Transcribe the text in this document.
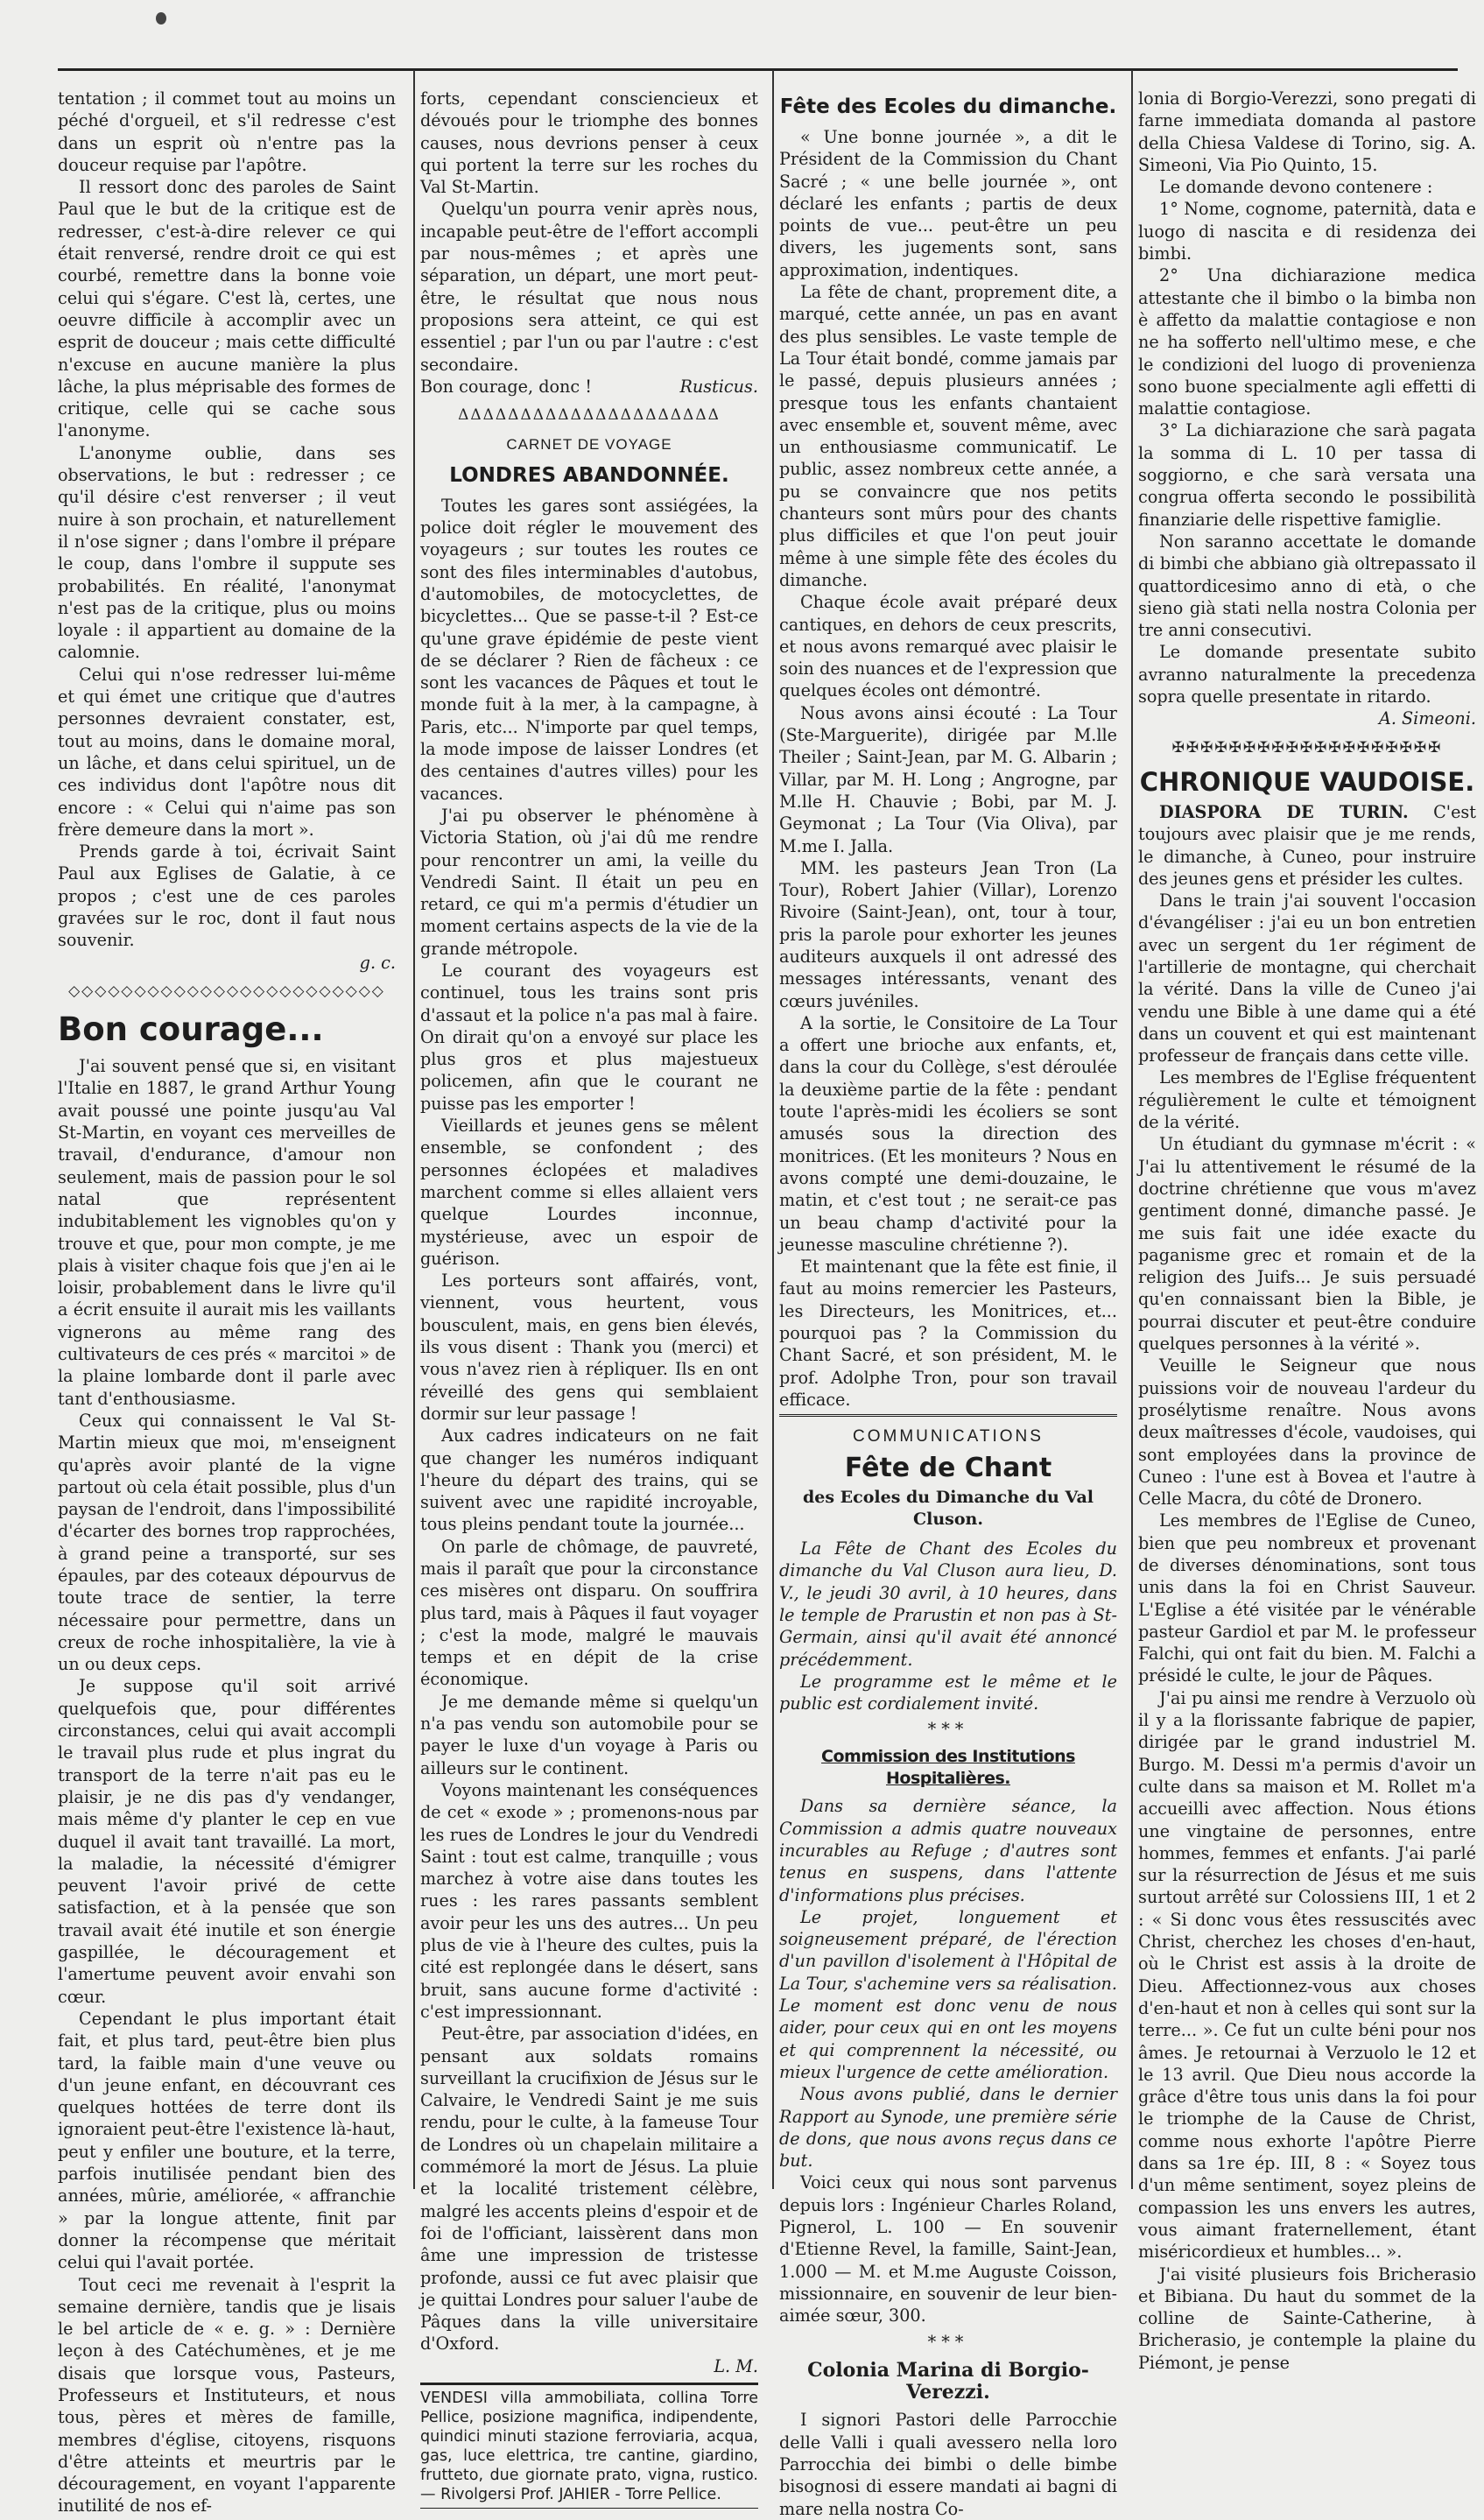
tentation ; il commet tout au moins un péché d'orgueil, et s'il redresse c'est dans un esprit où n'entre pas la douceur requise par l'apôtre.

Il ressort donc des paroles de Saint Paul que le but de la critique est de redresser, c'est-à-dire relever ce qui était renversé, rendre droit ce qui est courbé, remettre dans la bonne voie celui qui s'égare. C'est là, certes, une oeuvre difficile à accomplir avec un esprit de douceur ; mais cette difficulté n'excuse en aucune manière la plus lâche, la plus méprisable des formes de critique, celle qui se cache sous l'anonyme.

L'anonyme oublie, dans ses observations, le but : redresser ; ce qu'il désire c'est renverser ; il veut nuire à son prochain, et naturellement il n'ose signer ; dans l'ombre il prépare le coup, dans l'ombre il suppute ses probabilités. En réalité, l'anonymat n'est pas de la critique, plus ou moins loyale : il appartient au domaine de la calomnie.

Celui qui n'ose redresser lui-même et qui émet une critique que d'autres personnes devraient constater, est, tout au moins, dans le domaine moral, un lâche, et dans celui spirituel, un de ces individus dont l'apôtre nous dit encore : « Celui qui n'aime pas son frère demeure dans la mort ».

Prends garde à toi, écrivait Saint Paul aux Eglises de Galatie, à ce propos ; c'est une de ces paroles gravées sur le roc, dont il faut nous souvenir.

g. c.
◇◇◇◇◇◇◇◇◇◇◇◇◇◇◇◇◇◇◇◇◇◇◇◇
Bon courage...

J'ai souvent pensé que si, en visitant l'Italie en 1887, le grand Arthur Young avait poussé une pointe jusqu'au Val St-Martin, en voyant ces merveilles de travail, d'endurance, d'amour non seulement, mais de passion pour le sol natal que représentent indubitablement les vignobles qu'on y trouve et que, pour mon compte, je me plais à visiter chaque fois que j'en ai le loisir, probablement dans le livre qu'il a écrit ensuite il aurait mis les vaillants vignerons au même rang des cultivateurs de ces prés « marcitoi » de la plaine lombarde dont il parle avec tant d'enthousiasme.

Ceux qui connaissent le Val St-Martin mieux que moi, m'enseignent qu'après avoir planté de la vigne partout où cela était possible, plus d'un paysan de l'endroit, dans l'impossibilité d'écarter des bornes trop rapprochées, à grand peine a transporté, sur ses épaules, par des coteaux dépourvus de toute trace de sentier, la terre nécessaire pour permettre, dans un creux de roche inhospitalière, la vie à un ou deux ceps.

Je suppose qu'il soit arrivé quelquefois que, pour différentes circonstances, celui qui avait accompli le travail plus rude et plus ingrat du transport de la terre n'ait pas eu le plaisir, je ne dis pas d'y vendanger, mais même d'y planter le cep en vue duquel il avait tant travaillé. La mort, la maladie, la nécessité d'émigrer peuvent l'avoir privé de cette satisfaction, et à la pensée que son travail avait été inutile et son énergie gaspillée, le découragement et l'amertume peuvent avoir envahi son cœur.

Cependant le plus important était fait, et plus tard, peut-être bien plus tard, la faible main d'une veuve ou d'un jeune enfant, en découvrant ces quelques hottées de terre dont ils ignoraient peut-être l'existence là-haut, peut y enfiler une bouture, et la terre, parfois inutilisée pendant bien des années, mûrie, améliorée, « affranchie » par la longue attente, finit par donner la récompense que méritait celui qui l'avait portée.

Tout ceci me revenait à l'esprit la semaine dernière, tandis que je lisais le bel article de « e. g. » : Dernière leçon à des Catéchumènes, et je me disais que lorsque vous, Pasteurs, Professeurs et Instituteurs, et nous tous, pères et mères de famille, membres d'église, citoyens, risquons d'être atteints et meurtris par le découragement, en voyant l'apparente inutilité de nos ef-

forts, cependant consciencieux et dévoués pour le triomphe des bonnes causes, nous devrions penser à ceux qui portent la terre sur les roches du Val St-Martin.

Quelqu'un pourra venir après nous, incapable peut-être de l'effort accompli par nous-mêmes ; et après une séparation, un départ, une mort peut-être, le résultat que nous nous proposions sera atteint, ce qui est essentiel ; par l'un ou par l'autre : c'est secondaire.

Bon courage, donc !	Rusticus.
ΔΔΔΔΔΔΔΔΔΔΔΔΔΔΔΔΔΔΔΔΔ
CARNET DE VOYAGE
LONDRES ABANDONNÉE.

Toutes les gares sont assiégées, la police doit régler le mouvement des voyageurs ; sur toutes les routes ce sont des files interminables d'autobus, d'automobiles, de motocyclettes, de bicyclettes... Que se passe-t-il ? Est-ce qu'une grave épidémie de peste vient de se déclarer ? Rien de fâcheux : ce sont les vacances de Pâques et tout le monde fuit à la mer, à la campagne, à Paris, etc... N'importe par quel temps, la mode impose de laisser Londres (et des centaines d'autres villes) pour les vacances.

J'ai pu observer le phénomène à Victoria Station, où j'ai dû me rendre pour rencontrer un ami, la veille du Vendredi Saint. Il était un peu en retard, ce qui m'a permis d'étudier un moment certains aspects de la vie de la grande métropole.

Le courant des voyageurs est continuel, tous les trains sont pris d'assaut et la police n'a pas mal à faire. On dirait qu'on a envoyé sur place les plus gros et plus majestueux policemen, afin que le courant ne puisse pas les emporter !

Vieillards et jeunes gens se mêlent ensemble, se confondent ; des personnes éclopées et maladives marchent comme si elles allaient vers quelque Lourdes inconnue, mystérieuse, avec un espoir de guérison.

Les porteurs sont affairés, vont, viennent, vous heurtent, vous bousculent, mais, en gens bien élevés, ils vous disent : Thank you (merci) et vous n'avez rien à répliquer. Ils en ont réveillé des gens qui semblaient dormir sur leur passage !

Aux cadres indicateurs on ne fait que changer les numéros indiquant l'heure du départ des trains, qui se suivent avec une rapidité incroyable, tous pleins pendant toute la journée...

On parle de chômage, de pauvreté, mais il paraît que pour la circonstance ces misères ont disparu. On souffrira plus tard, mais à Pâques il faut voyager ; c'est la mode, malgré le mauvais temps et en dépit de la crise économique.

Je me demande même si quelqu'un n'a pas vendu son automobile pour se payer le luxe d'un voyage à Paris ou ailleurs sur le continent.

Voyons maintenant les conséquences de cet « exode » ; promenons-nous par les rues de Londres le jour du Vendredi Saint : tout est calme, tranquille ; vous marchez à votre aise dans toutes les rues : les rares passants semblent avoir peur les uns des autres... Un peu plus de vie à l'heure des cultes, puis la cité est replongée dans le désert, sans bruit, sans aucune forme d'activité : c'est impressionnant.

Peut-être, par association d'idées, en pensant aux soldats romains surveillant la crucifixion de Jésus sur le Calvaire, le Vendredi Saint je me suis rendu, pour le culte, à la fameuse Tour de Londres où un chapelain militaire a commémoré la mort de Jésus. La pluie et la localité tristement célèbre, malgré les accents pleins d'espoir et de foi de l'officiant, laissèrent dans mon âme une impression de tristesse profonde, aussi ce fut avec plaisir que je quittai Londres pour saluer l'aube de Pâques dans la ville universitaire d'Oxford.

L. M.
VENDESI villa ammobiliata, collina Torre Pellice, posizione magnifica, indipendente, quindici minuti stazione ferroviaria, acqua, gas, luce elettrica, tre cantine, giardino, frutteto, due giornate prato, vigna, rustico. — Rivolgersi Prof. JAHIER - Torre Pellice.
Fête des Ecoles du dimanche.

« Une bonne journée », a dit le Président de la Commission du Chant Sacré ; « une belle journée », ont déclaré les enfants ; partis de deux points de vue... peut-être un peu divers, les jugements sont, sans approximation, indentiques.

La fête de chant, proprement dite, a marqué, cette année, un pas en avant des plus sensibles. Le vaste temple de La Tour était bondé, comme jamais par le passé, depuis plusieurs années ; presque tous les enfants chantaient avec ensemble et, souvent même, avec un enthousiasme communicatif. Le public, assez nombreux cette année, a pu se convaincre que nos petits chanteurs sont mûrs pour des chants plus difficiles et que l'on peut jouir même à une simple fête des écoles du dimanche.

Chaque école avait préparé deux cantiques, en dehors de ceux prescrits, et nous avons remarqué avec plaisir le soin des nuances et de l'expression que quelques écoles ont démontré.

Nous avons ainsi écouté : La Tour (Ste-Marguerite), dirigée par M.lle Theiler ; Saint-Jean, par M. G. Albarin ; Villar, par M. H. Long ; Angrogne, par M.lle H. Chauvie ; Bobi, par M. J. Geymonat ; La Tour (Via Oliva), par M.me I. Jalla.

MM. les pasteurs Jean Tron (La Tour), Robert Jahier (Villar), Lorenzo Rivoire (Saint-Jean), ont, tour à tour, pris la parole pour exhorter les jeunes auditeurs auxquels il ont adressé des messages intéressants, venant des cœurs juvéniles.

A la sortie, le Consitoire de La Tour a offert une brioche aux enfants, et, dans la cour du Collège, s'est déroulée la deuxième partie de la fête : pendant toute l'après-midi les écoliers se sont amusés sous la direction des monitrices. (Et les moniteurs ? Nous en avons compté une demi-douzaine, le matin, et c'est tout ; ne serait-ce pas un beau champ d'activité pour la jeunesse masculine chrétienne ?).

Et maintenant que la fête est finie, il faut au moins remercier les Pasteurs, les Directeurs, les Monitrices, et... pourquoi pas ? la Commission du Chant Sacré, et son président, M. le prof. Adolphe Tron, pour son travail efficace.

COMMUNICATIONS
Fête de Chant
des Ecoles du Dimanche du Val Cluson.

La Fête de Chant des Ecoles du dimanche du Val Cluson aura lieu, D. V., le jeudi 30 avril, à 10 heures, dans le temple de Prarustin et non pas à St-Germain, ainsi qu'il avait été annoncé précédemment.

Le programme est le même et le public est cordialement invité.

***
Commission des Institutions Hospitalières.

Dans sa dernière séance, la Commission a admis quatre nouveaux incurables au Refuge ; d'autres sont tenus en suspens, dans l'attente d'informations plus précises.

Le projet, longuement et soigneusement préparé, de l'érection d'un pavillon d'isolement à l'Hôpital de La Tour, s'achemine vers sa réalisation. Le moment est donc venu de nous aider, pour ceux qui en ont les moyens et qui comprennent la nécessité, ou mieux l'urgence de cette amélioration.

Nous avons publié, dans le dernier Rapport au Synode, une première série de dons, que nous avons reçus dans ce but.

Voici ceux qui nous sont parvenus depuis lors : Ingénieur Charles Roland, Pignerol, L. 100 — En souvenir d'Etienne Revel, la famille, Saint-Jean, 1.000 — M. et M.me Auguste Coisson, missionnaire, en souvenir de leur bien-aimée sœur, 300.

***
Colonia Marina di Borgio-Verezzi.

I signori Pastori delle Parrocchie delle Valli i quali avessero nella loro Parrocchia dei bimbi o delle bimbe bisognosi di essere mandati ai bagni di mare nella nostra Co-

lonia di Borgio-Verezzi, sono pregati di farne immediata domanda al pastore della Chiesa Valdese di Torino, sig. A. Simeoni, Via Pio Quinto, 15.

Le domande devono contenere :

1° Nome, cognome, paternità, data e luogo di nascita e di residenza dei bimbi.

2° Una dichiarazione medica attestante che il bimbo o la bimba non è affetto da malattie contagiose e non ne ha sofferto nell'ultimo mese, e che le condizioni del luogo di provenienza sono buone specialmente agli effetti di malattie contagiose.

3° La dichiarazione che sarà pagata la somma di L. 10 per tassa di soggiorno, e che sarà versata una congrua offerta secondo le possibilità finanziarie delle rispettive famiglie.

Non saranno accettate le domande di bimbi che abbiano già oltrepassato il quattordicesimo anno di età, o che sieno già stati nella nostra Colonia per tre anni consecutivi.

Le domande presentate subito avranno naturalmente la precedenza sopra quelle presentate in ritardo.

A. Simeoni.
✠✠✠✠✠✠✠✠✠✠✠✠✠✠✠✠✠✠✠
CHRONIQUE VAUDOISE.

DIASPORA DE TURIN. C'est toujours avec plaisir que je me rends, le dimanche, à Cuneo, pour instruire des jeunes gens et présider les cultes.

Dans le train j'ai souvent l'occasion d'évangéliser : j'ai eu un bon entretien avec un sergent du 1er régiment de l'artillerie de montagne, qui cherchait la vérité. Dans la ville de Cuneo j'ai vendu une Bible à une dame qui a été dans un couvent et qui est maintenant professeur de français dans cette ville.

Les membres de l'Eglise fréquentent régulièrement le culte et témoignent de la vérité.

Un étudiant du gymnase m'écrit : « J'ai lu attentivement le résumé de la doctrine chrétienne que vous m'avez gentiment donné, dimanche passé. Je me suis fait une idée exacte du paganisme grec et romain et de la religion des Juifs... Je suis persuadé qu'en connaissant bien la Bible, je pourrai discuter et peut-être conduire quelques personnes à la vérité ».

Veuille le Seigneur que nous puissions voir de nouveau l'ardeur du prosélytisme renaître. Nous avons deux maîtresses d'école, vaudoises, qui sont employées dans la province de Cuneo : l'une est à Bovea et l'autre à Celle Macra, du côté de Dronero.

Les membres de l'Eglise de Cuneo, bien que peu nombreux et provenant de diverses dénominations, sont tous unis dans la foi en Christ Sauveur. L'Eglise a été visitée par le vénérable pasteur Gardiol et par M. le professeur Falchi, qui ont fait du bien. M. Falchi a présidé le culte, le jour de Pâques.

J'ai pu ainsi me rendre à Verzuolo où il y a la florissante fabrique de papier, dirigée par le grand industriel M. Burgo. M. Dessi m'a permis d'avoir un culte dans sa maison et M. Rollet m'a accueilli avec affection. Nous étions une vingtaine de personnes, entre hommes, femmes et enfants. J'ai parlé sur la résurrection de Jésus et me suis surtout arrêté sur Colossiens III, 1 et 2 : « Si donc vous êtes ressuscités avec Christ, cherchez les choses d'en-haut, où le Christ est assis à la droite de Dieu. Affectionnez-vous aux choses d'en-haut et non à celles qui sont sur la terre... ». Ce fut un culte béni pour nos âmes. Je retournai à Verzuolo le 12 et le 13 avril. Que Dieu nous accorde la grâce d'être tous unis dans la foi pour le triomphe de la Cause de Christ, comme nous exhorte l'apôtre Pierre dans sa 1re ép. III, 8 : « Soyez tous d'un même sentiment, soyez pleins de compassion les uns envers les autres, vous aimant fraternellement, étant miséricordieux et humbles... ».

J'ai visité plusieurs fois Bricherasio et Bibiana. Du haut du sommet de la colline de Sainte-Catherine, à Bricherasio, je contemple la plaine du Piémont, je pense
